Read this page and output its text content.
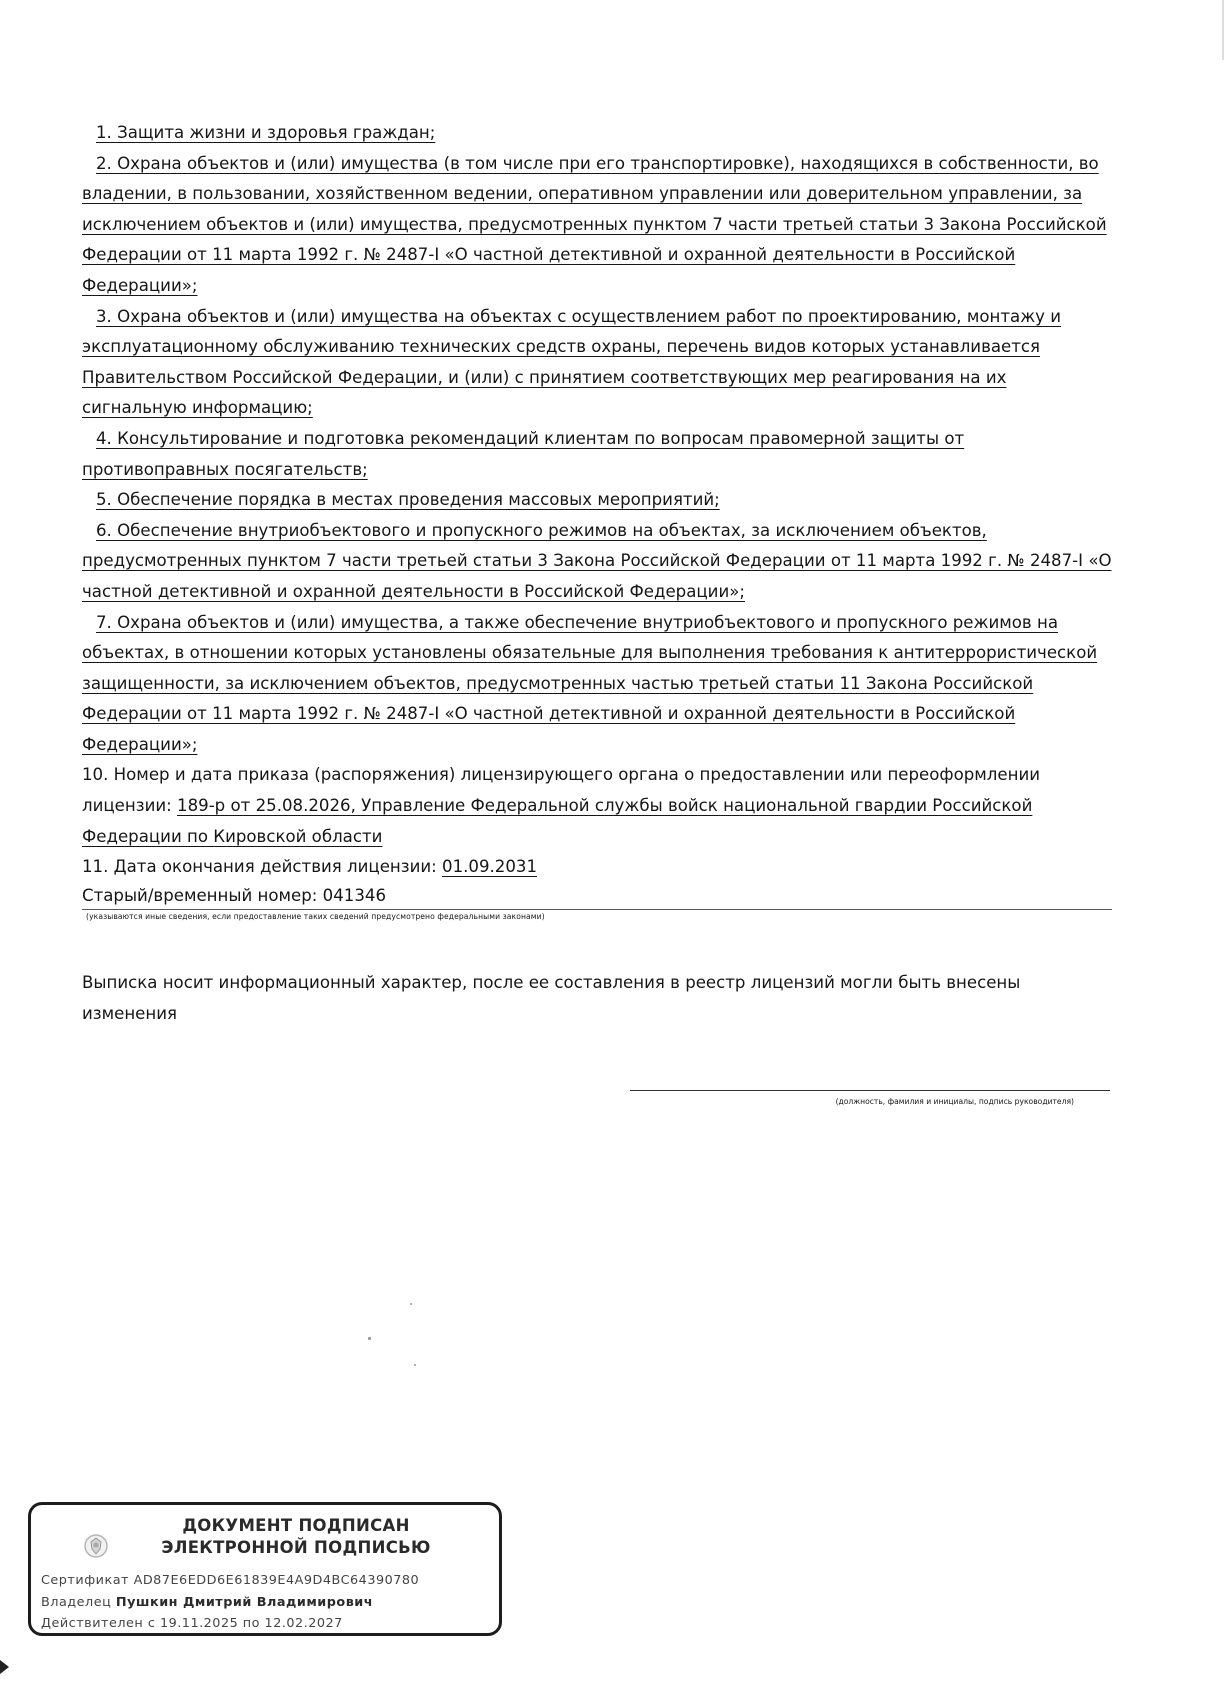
1. Защита жизни и здоровья граждан;

2. Охрана объектов и (или) имущества (в том числе при его транспортировке), находящихся в собственности, во владении, в пользовании, хозяйственном ведении, оперативном управлении или доверительном управлении, за исключением объектов и (или) имущества, предусмотренных пунктом 7 части третьей статьи 3 Закона Российской Федерации от 11 марта 1992 г. № 2487-I «О частной детективной и охранной деятельности в Российской Федерации»;

3. Охрана объектов и (или) имущества на объектах с осуществлением работ по проектированию, монтажу и эксплуатационному обслуживанию технических средств охраны, перечень видов которых устанавливается Правительством Российской Федерации, и (или) с принятием соответствующих мер реагирования на их сигнальную информацию;

4. Консультирование и подготовка рекомендаций клиентам по вопросам правомерной защиты от противоправных посягательств;

5. Обеспечение порядка в местах проведения массовых мероприятий;

6. Обеспечение внутриобъектового и пропускного режимов на объектах, за исключением объектов, предусмотренных пунктом 7 части третьей статьи 3 Закона Российской Федерации от 11 марта 1992 г. № 2487-I «О частной детективной и охранной деятельности в Российской Федерации»;

7. Охрана объектов и (или) имущества, а также обеспечение внутриобъектового и пропускного режимов на объектах, в отношении которых установлены обязательные для выполнения требования к антитеррористической защищенности, за исключением объектов, предусмотренных частью третьей статьи 11 Закона Российской Федерации от 11 марта 1992 г. № 2487-I «О частной детективной и охранной деятельности в Российской Федерации»;

10. Номер и дата приказа (распоряжения) лицензирующего органа о предоставлении или переоформлении лицензии: 189-р от 25.08.2026, Управление Федеральной службы войск национальной гвардии Российской Федерации по Кировской области

11. Дата окончания действия лицензии: 01.09.2031

Старый/временный номер: 041346

(указываются иные сведения, если предоставление таких сведений предусмотрено федеральными законами)

Выписка носит информационный характер, после ее составления в реестр лицензий могли быть внесены изменения

(должность, фамилия и инициалы, подпись руководителя)
ДОКУМЕНТ ПОДПИСАН
ЭЛЕКТРОННОЙ ПОДПИСЬЮ
Сертификат AD87E6EDD6E61839E4A9D4BC64390780
Владелец Пушкин Дмитрий Владимирович
Действителен с 19.11.2025 по 12.02.2027
